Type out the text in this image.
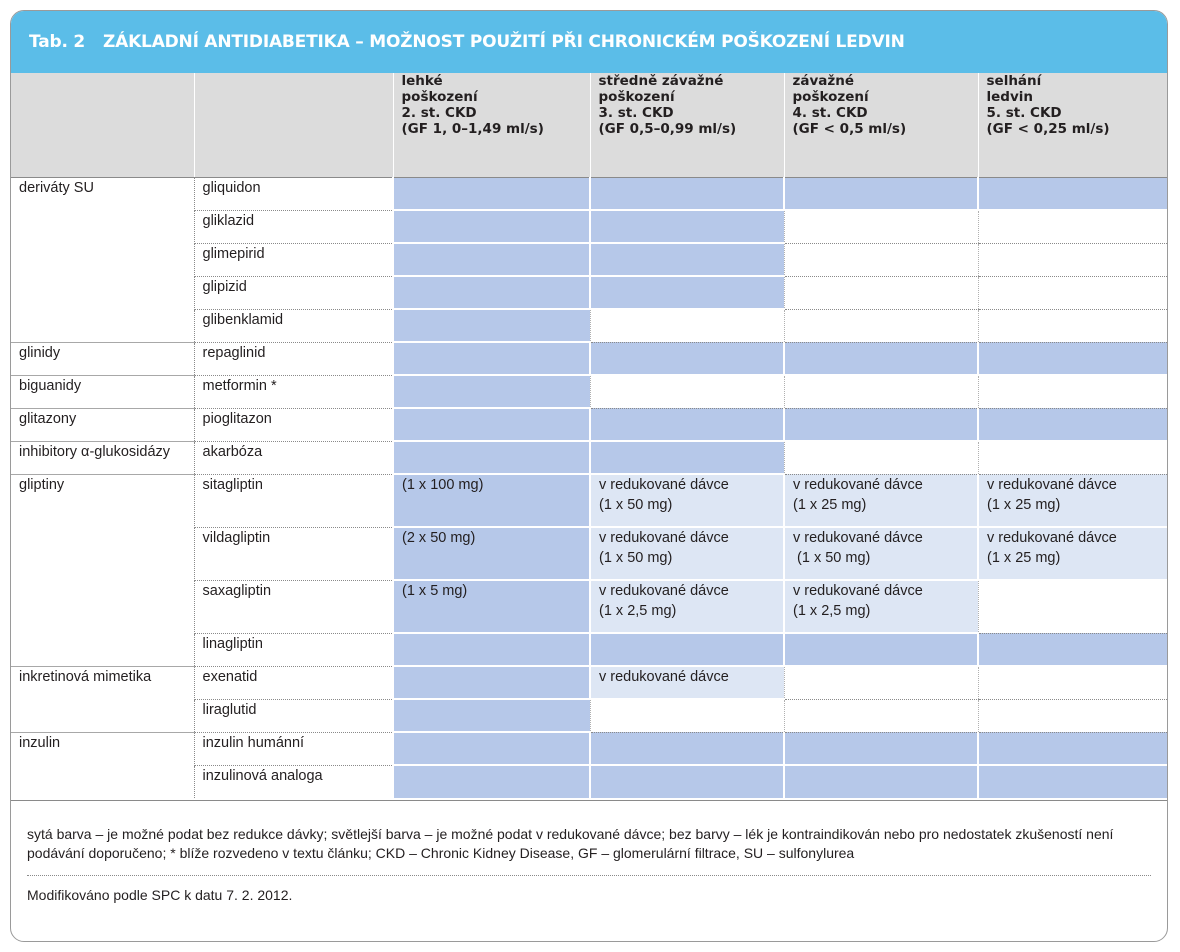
Tab. 2	ZÁKLADNÍ ANTIDIABETIKA – MOŽNOST POUŽITÍ PŘI CHRONICKÉM POŠKOZENÍ LEDVIN

		lehké
poškození
2. st. CKD
(GF 1, 0–1,49 ml/s)	středně závažné
poškození
3. st. CKD
(GF 0,5–0,99 ml/s)	závažné
poškození
4. st. CKD
(GF < 0,5 ml/s)	selhání
ledvin
5. st. CKD
(GF < 0,25 ml/s)

deriváty SU	gliquidon				
	gliklazid				
	glimepirid				
	glipizid				
	glibenklamid				
glinidy	repaglinid				
biguanidy	metformin *				
glitazony	pioglitazon				
inhibitory α-glukosidázy	akarbóza				
gliptiny	sitagliptin	(1 x 100 mg)	v redukované dávce
(1 x 50 mg)	v redukované dávce
(1 x 25 mg)	v redukované dávce
(1 x 25 mg)

	vildagliptin	(2 x 50 mg)	v redukované dávce
(1 x 50 mg)	v redukované dávce
(1 x 50 mg)	v redukované dávce
(1 x 25 mg)

	saxagliptin	(1 x 5 mg)	v redukované dávce
(1 x 2,5 mg)	v redukované dávce
(1 x 2,5 mg)	

	linagliptin				
inkretinová mimetika	exenatid		v redukované dávce		
	liraglutid				
inzulin	inzulin humánní				
	inzulinová analoga				
sytá barva – je možné podat bez redukce dávky; světlejší barva – je možné podat v redukované dávce; bez barvy – lék je kontraindikován nebo pro nedostatek zkušeností není podávání doporučeno; * blíže rozvedeno v textu článku; CKD – Chronic Kidney Disease, GF – glomerulární filtrace, SU – sulfonylurea
Modifikováno podle SPC k datu 7. 2. 2012.
